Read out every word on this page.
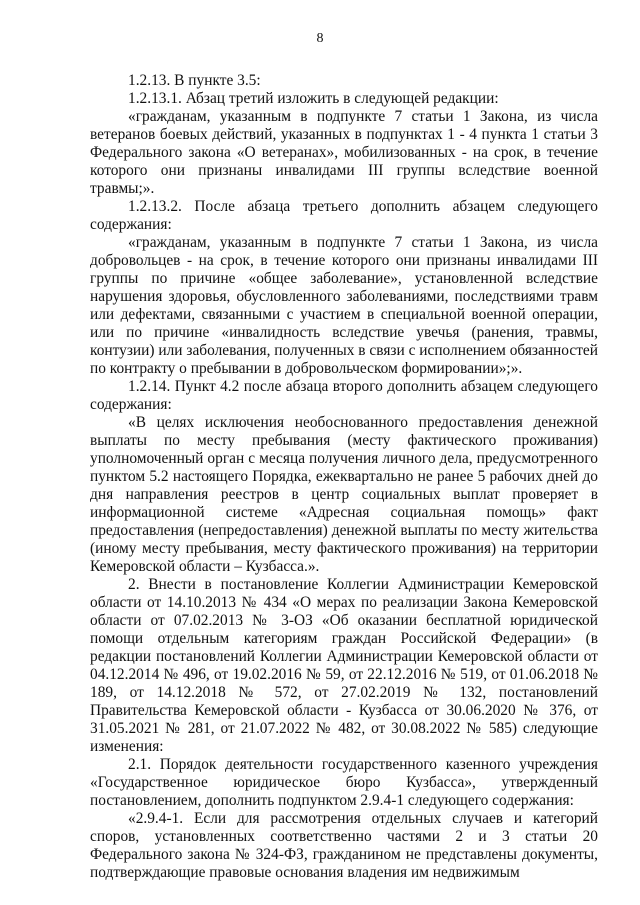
8

1.2.13. В пункте 3.5:

1.2.13.1. Абзац третий изложить в следующей редакции:

«гражданам, указанным в подпункте 7 статьи 1 Закона, из числа ветеранов боевых действий, указанных в подпунктах 1 - 4 пункта 1 статьи 3 Федерального закона «О ветеранах», мобилизованных - на срок, в течение которого они признаны инвалидами III группы вследствие военной травмы;».

1.2.13.2. После абзаца третьего дополнить абзацем следующего содержания:

«гражданам, указанным в подпункте 7 статьи 1 Закона, из числа добровольцев - на срок, в течение которого они признаны инвалидами III группы по причине «общее заболевание», установленной вследствие нарушения здоровья, обусловленного заболеваниями, последствиями травм или дефектами, связанными с участием в специальной военной операции, или по причине «инвалидность вследствие увечья (ранения, травмы, контузии) или заболевания, полученных в связи с исполнением обязанностей по контракту о пребывании в добровольческом формировании»;».

1.2.14. Пункт 4.2 после абзаца второго дополнить абзацем следующего содержания:

«В целях исключения необоснованного предоставления денежной выплаты по месту пребывания (месту фактического проживания) уполномоченный орган с месяца получения личного дела, предусмотренного пунктом 5.2 настоящего Порядка, ежеквартально не ранее 5 рабочих дней до дня направления реестров в центр социальных выплат проверяет в информационной системе «Адресная социальная помощь» факт предоставления (непредоставления) денежной выплаты по месту жительства (иному месту пребывания, месту фактического проживания) на территории Кемеровской области – Кузбасса.».

2. Внести в постановление Коллегии Администрации Кемеровской области от 14.10.2013 № 434 «О мерах по реализации Закона Кемеровской области от 07.02.2013 № 3-ОЗ «Об оказании бесплатной юридической помощи отдельным категориям граждан Российской Федерации» (в редакции постановлений Коллегии Администрации Кемеровской области от 04.12.2014 № 496, от 19.02.2016 № 59, от 22.12.2016 № 519, от 01.06.2018 № 189, от 14.12.2018 № 572, от 27.02.2019 № 132, постановлений Правительства Кемеровской области - Кузбасса от 30.06.2020 № 376, от 31.05.2021 № 281, от 21.07.2022 № 482, от 30.08.2022 № 585) следующие изменения:

2.1. Порядок деятельности государственного казенного учреждения «Государственное юридическое бюро Кузбасса», утвержденный постановлением, дополнить подпунктом 2.9.4-1 следующего содержания:

«2.9.4-1. Если для рассмотрения отдельных случаев и категорий споров, установленных соответственно частями 2 и 3 статьи 20 Федерального закона № 324-ФЗ, гражданином не представлены документы, подтверждающие правовые основания владения им недвижимым
